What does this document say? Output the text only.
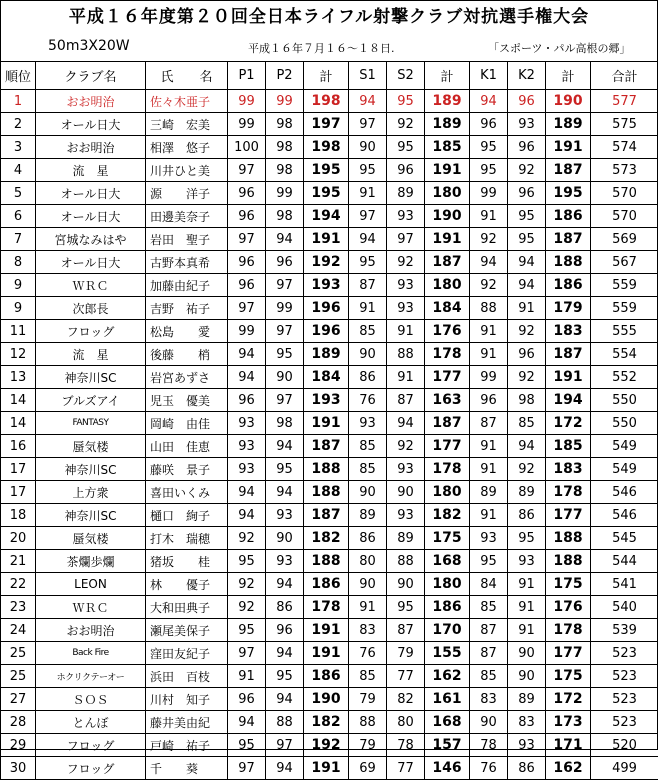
平成１６年度第２０回全日本ライフル射撃クラブ対抗選手権大会
50m3X20W	平成１６年７月１６～１８日.	「スポーツ・パル高根の郷」
順位	クラブ名	氏　　名	P1	P2	計	S1	S2	計	K1	K2	計	合計
1	おお明治	佐々木亜子	99	99	198	94	95	189	94	96	190	577
2	オール日大	三崎　宏美	99	98	197	97	92	189	96	93	189	575
3	おお明治	相澤　悠子	100	98	198	90	95	185	95	96	191	574
4	流　星	川井ひと美	97	98	195	95	96	191	95	92	187	573
5	オール日大	源　　洋子	96	99	195	91	89	180	99	96	195	570
6	オール日大	田邊美奈子	96	98	194	97	93	190	91	95	186	570
7	宮城なみはや	岩田　聖子	97	94	191	94	97	191	92	95	187	569
8	オール日大	古野本真希	96	96	192	95	92	187	94	94	188	567
9	ＷＲＣ	加藤由紀子	96	97	193	87	93	180	92	94	186	559
9	次郎長	吉野　祐子	97	99	196	91	93	184	88	91	179	559
11	フロッグ	松島　　愛	99	97	196	85	91	176	91	92	183	555
12	流　星	後藤　　梢	94	95	189	90	88	178	91	96	187	554
13	神奈川SC	岩宮あずさ	94	90	184	86	91	177	99	92	191	552
14	ブルズアイ	児玉　優美	96	97	193	76	87	163	96	98	194	550
14	FANTASY	岡崎　由佳	93	98	191	93	94	187	87	85	172	550
16	蜃気楼	山田　佳恵	93	94	187	85	92	177	91	94	185	549
17	神奈川SC	藤咲　景子	93	95	188	85	93	178	91	92	183	549
17	上方衆	喜田いくみ	94	94	188	90	90	180	89	89	178	546
18	神奈川SC	樋口　絢子	94	93	187	89	93	182	91	86	177	546
20	蜃気楼	打木　瑞穂	92	90	182	86	89	175	93	95	188	545
21	茶爛歩爛	猪坂　　桂	95	93	188	80	88	168	95	93	188	544
22	LEON	林　　優子	92	94	186	90	90	180	84	91	175	541
23	ＷＲＣ	大和田典子	92	86	178	91	95	186	85	91	176	540
24	おお明治	瀬尾美保子	95	96	191	83	87	170	87	91	178	539
25	Back Fire	窪田友紀子	97	94	191	76	79	155	87	90	177	523
25	ホクリクテーオー	浜田　百枝	91	95	186	85	77	162	85	90	175	523
27	ＳＯＳ	川村　知子	96	94	190	79	82	161	83	89	172	523
28	とんぼ	藤井美由紀	94	88	182	88	80	168	90	83	173	523
29	フロッグ	戸崎　祐子	95	97	192	79	78	157	78	93	171	520
30	フロッグ	千　　葵	97	94	191	69	77	146	76	86	162	499
